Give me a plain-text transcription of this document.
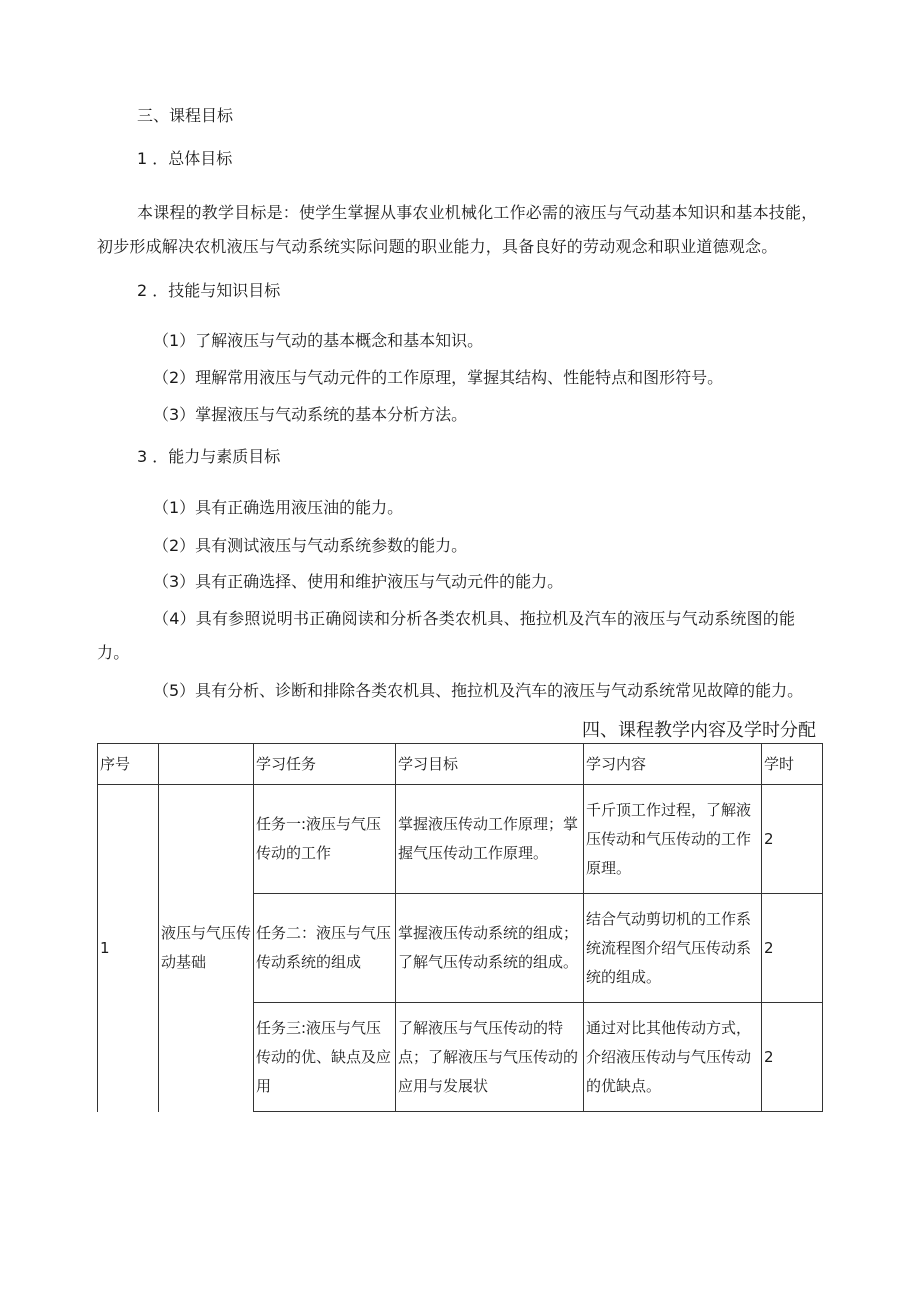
三、课程目标
1 ．总体目标
本课程的教学目标是：使学生掌握从事农业机械化工作必需的液压与气动基本知识和基本技能，初步形成解决农机液压与气动系统实际问题的职业能力，具备良好的劳动观念和职业道德观念。
2 ．技能与知识目标
（1）了解液压与气动的基本概念和基本知识。
（2）理解常用液压与气动元件的工作原理，掌握其结构、性能特点和图形符号。
（3）掌握液压与气动系统的基本分析方法。
3 ．能力与素质目标
（1）具有正确选用液压油的能力。
（2）具有测试液压与气动系统参数的能力。
（3）具有正确选择、使用和维护液压与气动元件的能力。
（4）具有参照说明书正确阅读和分析各类农机具、拖拉机及汽车的液压与气动系统图的能力。
（5）具有分析、诊断和排除各类农机具、拖拉机及汽车的液压与气动系统常见故障的能力。
四、课程教学内容及学时分配
序号		学习任务	学习目标	学习内容	学时
1	液压与气压传动基础	任务一:液压与气压传动的工作	掌握液压传动工作原理；掌握气压传动工作原理。	千斤顶工作过程，了解液压传动和气压传动的工作原理。	2
		任务二：液压与气压传动系统的组成	掌握液压传动系统的组成；了解气压传动系统的组成。	结合气动剪切机的工作系统流程图介绍气压传动系统的组成。	2
		任务三:液压与气压传动的优、缺点及应用	了解液压与气压传动的特点；了解液压与气压传动的应用与发展状	通过对比其他传动方式，介绍液压传动与气压传动的优缺点。	2
